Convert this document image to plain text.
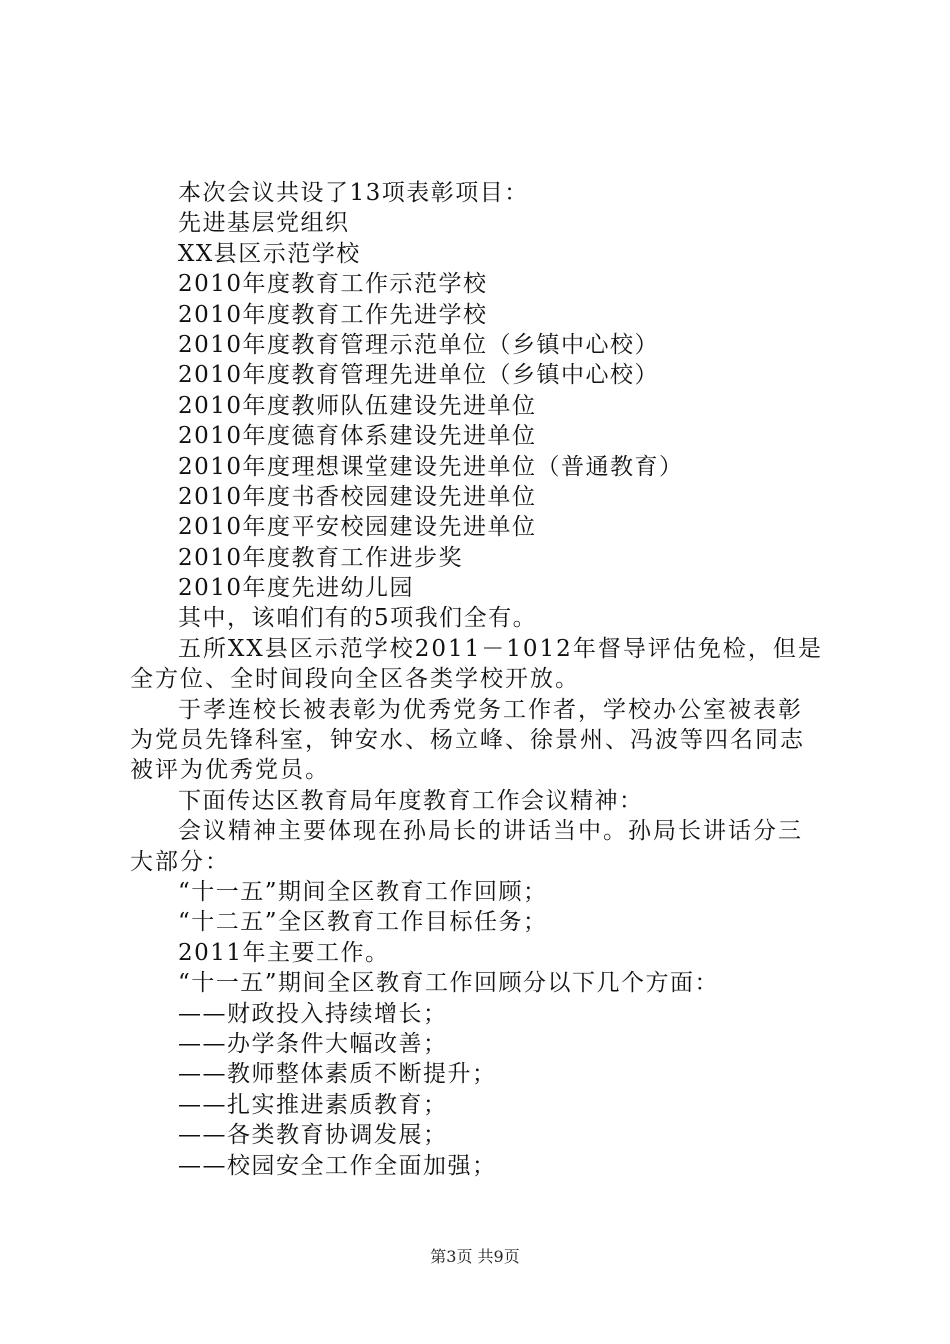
本次会议共设了13项表彰项目：
先进基层党组织
XX县区示范学校
2010年度教育工作示范学校
2010年度教育工作先进学校
2010年度教育管理示范单位（乡镇中心校）
2010年度教育管理先进单位（乡镇中心校）
2010年度教师队伍建设先进单位
2010年度德育体系建设先进单位
2010年度理想课堂建设先进单位（普通教育）
2010年度书香校园建设先进单位
2010年度平安校园建设先进单位
2010年度教育工作进步奖
2010年度先进幼儿园
其中，该咱们有的5项我们全有。
五所XX县区示范学校2011－1012年督导评估免检，但是
全方位、全时间段向全区各类学校开放。
于孝连校长被表彰为优秀党务工作者，学校办公室被表彰
为党员先锋科室，钟安水、杨立峰、徐景州、冯波等四名同志
被评为优秀党员。
下面传达区教育局年度教育工作会议精神：
会议精神主要体现在孙局长的讲话当中。孙局长讲话分三
大部分：
“十一五”期间全区教育工作回顾；
“十二五”全区教育工作目标任务；
2011年主要工作。
“十一五”期间全区教育工作回顾分以下几个方面：
——财政投入持续增长；
——办学条件大幅改善；
——教师整体素质不断提升；
——扎实推进素质教育；
——各类教育协调发展；
——校园安全工作全面加强；
第3页 共9页
